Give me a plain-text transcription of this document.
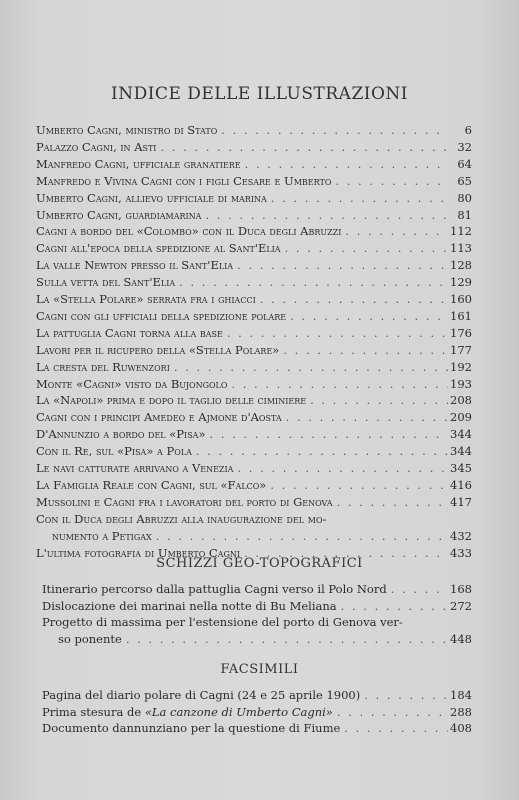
INDICE DELLE ILLUSTRAZIONI
Umberto Cagni, ministro di Stato . . .	6
Palazzo Cagni, in Asti . . .	32
Manfredo Cagni, ufficiale granatiere . . .	64
Manfredo e Vivina Cagni con i figli Cesare e Umberto . . .	65
Umberto Cagni, allievo ufficiale di marina . . .	80
Umberto Cagni, guardiamarina . . .	81
Cagni a bordo del «Colombo» con il Duca degli Abruzzi . . .	112
Cagni all'epoca della spedizione al Sant'Elia . . .	113
La valle Newton presso il Sant'Elia . . .	128
Sulla vetta del Sant'Elia . . .	129
La «Stella Polare» serrata fra i ghiacci . . .	160
Cagni con gli ufficiali della spedizione polare . . .	161
La pattuglia Cagni torna alla base . . .	176
Lavori per il ricupero della «Stella Polare» . . .	177
La cresta del Ruwenzori . . .	192
Monte «Cagni» visto da Bujongolo . . .	193
La «Napoli» prima e dopo il taglio delle ciminiere . . .	208
Cagni con i principi Amedeo e Ajmone d'Aosta . . .	209
D'Annunzio a bordo del «Pisa» . . .	344
Con il Re, sul «Pisa» a Pola . . .	344
Le navi catturate arrivano a Venezia . . .	345
La Famiglia Reale con Cagni, sul «Falco» . . .	416
Mussolini e Cagni fra i lavoratori del porto di Genova . . .	417
Con il Duca degli Abruzzi alla inaugurazione del mo-
numento a Petigax . . .	432
L'ultima fotografia di Umberto Cagni . . .	433
SCHIZZI GEO-TOPOGRAFICI
Itinerario percorso dalla pattuglia Cagni verso il Polo Nord . . .	168
Dislocazione dei marinai nella notte di Bu Meliana . . .	272
Progetto di massima per l'estensione del porto di Genova ver-
so ponente . . .	448
FACSIMILI
Pagina del diario polare di Cagni (24 e 25 aprile 1900) . . .	184
Prima stesura de «La canzone di Umberto Cagni» . . .	288
Documento dannunziano per la questione di Fiume . . .	408
